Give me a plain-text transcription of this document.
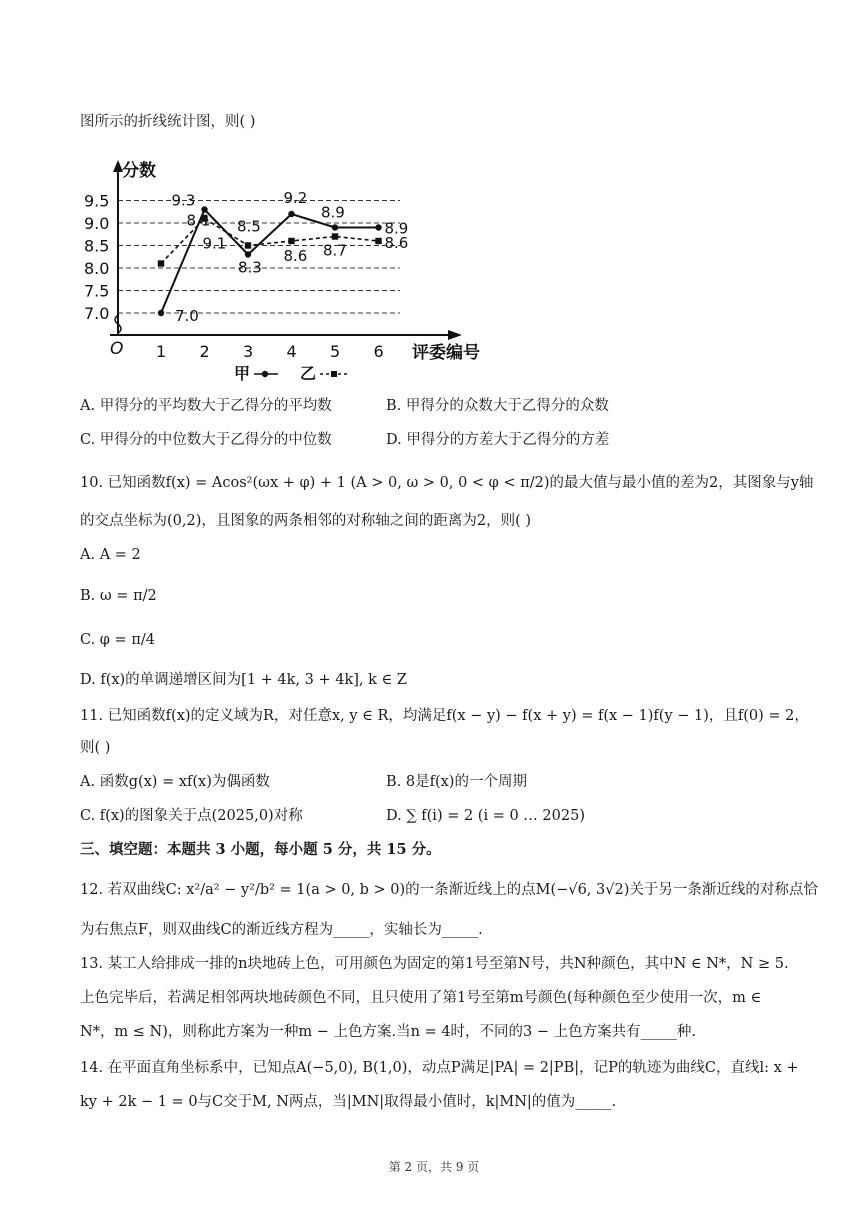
图所示的折线统计图，则( )
分数
评委编号
O
7.0
7.5
8.0
8.5
9.0
9.5
1 2 3 4 5 6
8.1
7.0
9.3
9.1
8.5
8.3
9.2
8.6
8.9
8.7
8.9
8.6
甲	乙
A. 甲得分的平均数大于乙得分的平均数	B. 甲得分的众数大于乙得分的众数
C. 甲得分的中位数大于乙得分的中位数	D. 甲得分的方差大于乙得分的方差
10. 已知函数f(x) = Acos²(ωx + φ) + 1 (A > 0, ω > 0, 0 < φ < π/2)的最大值与最小值的差为2，其图象与y轴
的交点坐标为(0,2)，且图象的两条相邻的对称轴之间的距离为2，则( )
A. A = 2
B. ω = π/2
C. φ = π/4
D. f(x)的单调递增区间为[1 + 4k, 3 + 4k], k ∈ Z
11. 已知函数f(x)的定义域为R，对任意x, y ∈ R，均满足f(x − y) − f(x + y) = f(x − 1)f(y − 1)，且f(0) = 2，
则( )
A. 函数g(x) = xf(x)为偶函数	B. 8是f(x)的一个周期
C. f(x)的图象关于点(2025,0)对称	D. ∑ f(i) = 2 (i = 0 … 2025)
三、填空题：本题共 3 小题，每小题 5 分，共 15 分。
12. 若双曲线C: x²/a² − y²/b² = 1(a > 0, b > 0)的一条渐近线上的点M(−√6, 3√2)关于另一条渐近线的对称点恰
为右焦点F，则双曲线C的渐近线方程为_____，实轴长为_____.
13. 某工人给排成一排的n块地砖上色，可用颜色为固定的第1号至第N号，共N种颜色，其中N ∈ N*，N ≥ 5.
上色完毕后，若满足相邻两块地砖颜色不同，且只使用了第1号至第m号颜色(每种颜色至少使用一次，m ∈
N*，m ≤ N)，则称此方案为一种m − 上色方案.当n = 4时，不同的3 − 上色方案共有_____种.
14. 在平面直角坐标系中，已知点A(−5,0), B(1,0)，动点P满足|PA| = 2|PB|，记P的轨迹为曲线C，直线l: x +
ky + 2k − 1 = 0与C交于M, N两点，当|MN|取得最小值时，k|MN|的值为_____.
第 2 页，共 9 页
